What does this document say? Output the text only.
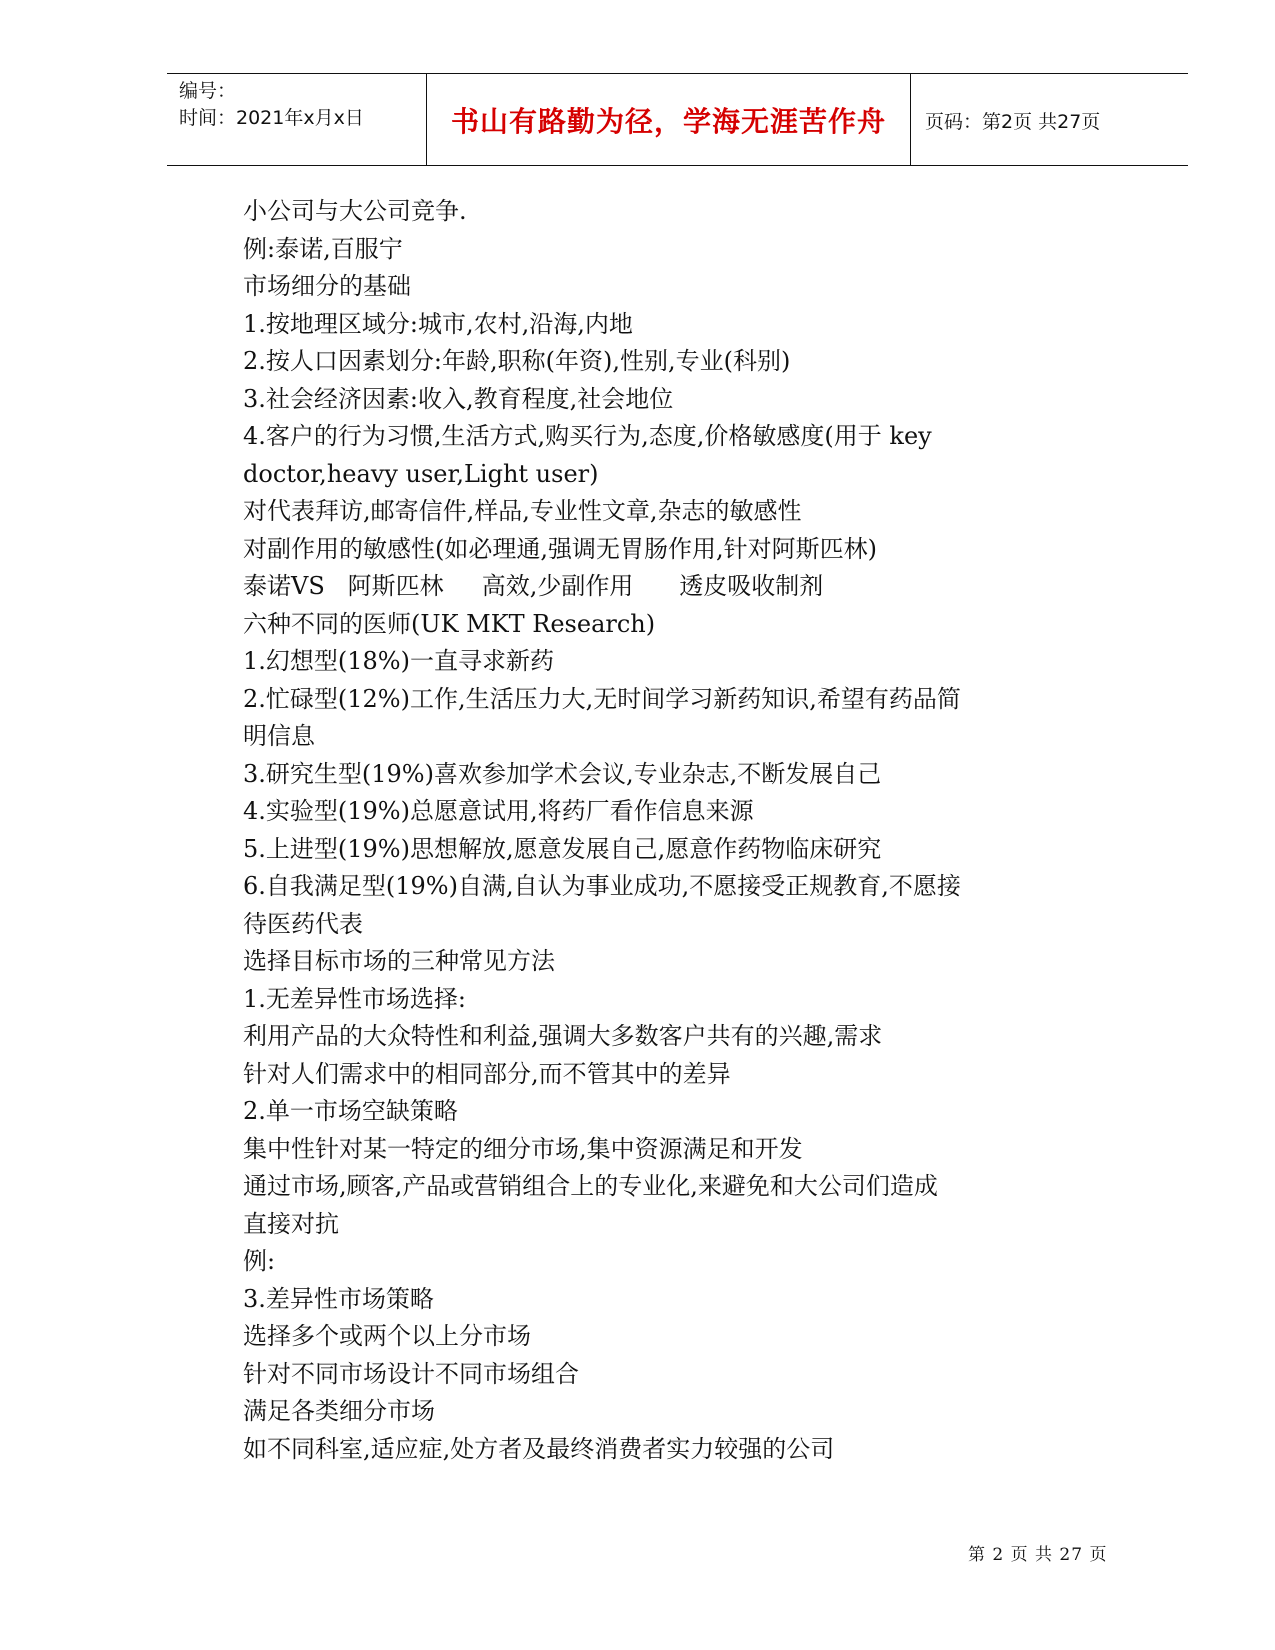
编号：
时间：2021年x月x日	书山有路勤为径，学海无涯苦作舟	页码：第2页 共27页

小公司与大公司竞争.

例:泰诺,百服宁

市场细分的基础

1.按地理区域分:城市,农村,沿海,内地

2.按人口因素划分:年龄,职称(年资),性别,专业(科别)

3.社会经济因素:收入,教育程度,社会地位

4.客户的行为习惯,生活方式,购买行为,态度,价格敏感度(用于 key

doctor,heavy user,Light user)

对代表拜访,邮寄信件,样品,专业性文章,杂志的敏感性

对副作用的敏感性(如必理通,强调无胃肠作用,针对阿斯匹林)

泰诺VS   阿斯匹林     高效,少副作用      透皮吸收制剂

六种不同的医师(UK MKT Research)

1.幻想型(18%)一直寻求新药

2.忙碌型(12%)工作,生活压力大,无时间学习新药知识,希望有药品简

明信息

3.研究生型(19%)喜欢参加学术会议,专业杂志,不断发展自己

4.实验型(19%)总愿意试用,将药厂看作信息来源

5.上进型(19%)思想解放,愿意发展自己,愿意作药物临床研究

6.自我满足型(19%)自满,自认为事业成功,不愿接受正规教育,不愿接

待医药代表

选择目标市场的三种常见方法

1.无差异性市场选择:

利用产品的大众特性和利益,强调大多数客户共有的兴趣,需求

针对人们需求中的相同部分,而不管其中的差异

2.单一市场空缺策略

集中性针对某一特定的细分市场,集中资源满足和开发

通过市场,顾客,产品或营销组合上的专业化,来避免和大公司们造成

直接对抗

例:

3.差异性市场策略

选择多个或两个以上分市场

针对不同市场设计不同市场组合

满足各类细分市场

如不同科室,适应症,处方者及最终消费者实力较强的公司

第 2 页 共 27 页
